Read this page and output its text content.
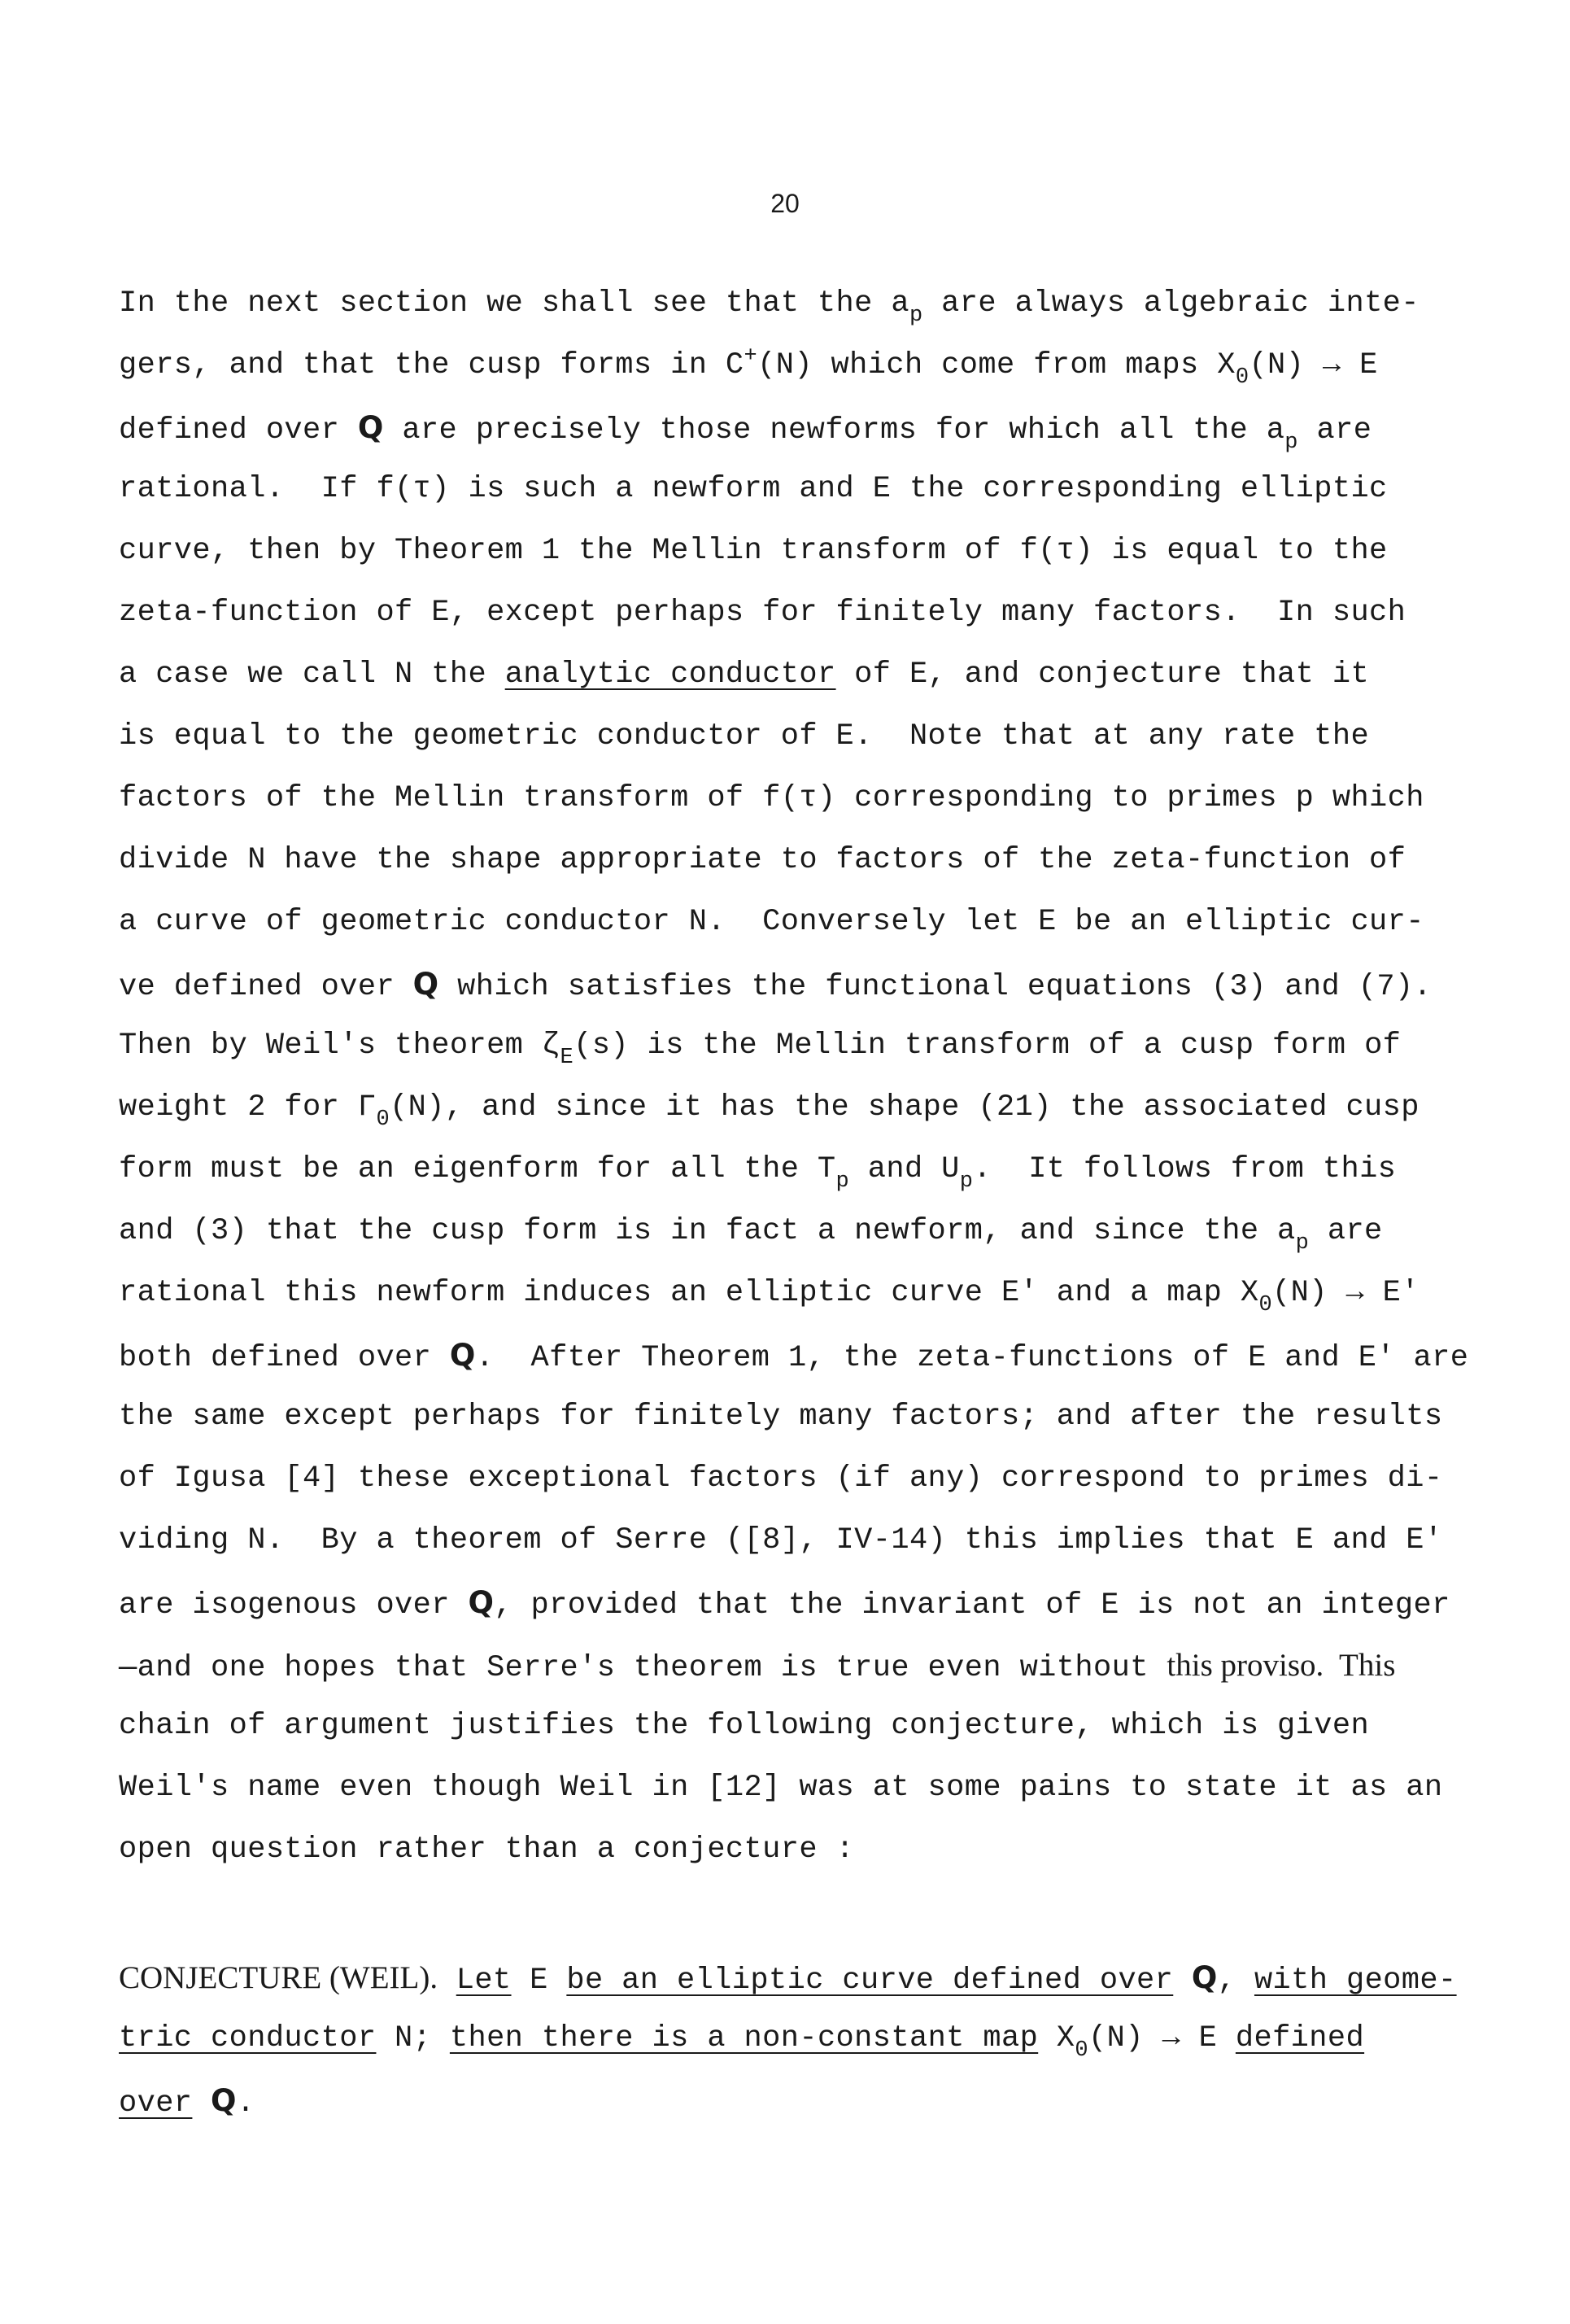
20
In the next section we shall see that the $a_p$ are always algebraic inte-
gers, and that the cusp forms in C+(N) which come from maps $X_0(N) \to E$
defined over Q are precisely those newforms for which all the $a_p$ are
rational.  If f(τ) is such a newform and E the corresponding elliptic
curve, then by Theorem 1 the Mellin transform of f(τ) is equal to the
zeta-function of E, except perhaps for finitely many factors.  In such
a case we call N the analytic conductor of E, and conjecture that it
is equal to the geometric conductor of E.  Note that at any rate the
factors of the Mellin transform of f(τ) corresponding to primes p which
divide N have the shape appropriate to factors of the zeta-function of
a curve of geometric conductor N.  Conversely let E be an elliptic cur-
ve defined over Q which satisfies the functional equations (3) and (7).
Then by Weil's theorem $\zeta_E(s)$ is the Mellin transform of a cusp form of
weight 2 for $\Gamma_0(N)$, and since it has the shape (21) the associated cusp
form must be an eigenform for all the $T_p$ and $U_p$.  It follows from this
and (3) that the cusp form is in fact a newform, and since the $a_p$ are
rational this newform induces an elliptic curve E' and a map $X_0(N) \to E'$
both defined over Q.  After Theorem 1, the zeta-functions of E and E' are
the same except perhaps for finitely many factors; and after the results
of Igusa [4] these exceptional factors (if any) correspond to primes di-
viding N.  By a theorem of Serre ([8], IV-14) this implies that E and E'
are isogenous over Q, provided that the invariant of E is not an integer
—and one hopes that Serre's theorem is true even without this proviso.  This
chain of argument justifies the following conjecture, which is given
Weil's name even though Weil in [12] was at some pains to state it as an
open question rather than a conjecture :
CONJECTURE (WEIL). Let E be an elliptic curve defined over Q, with geome-
tric conductor N; then there is a non-constant map $X_0(N) \to E$ defined
over Q.
